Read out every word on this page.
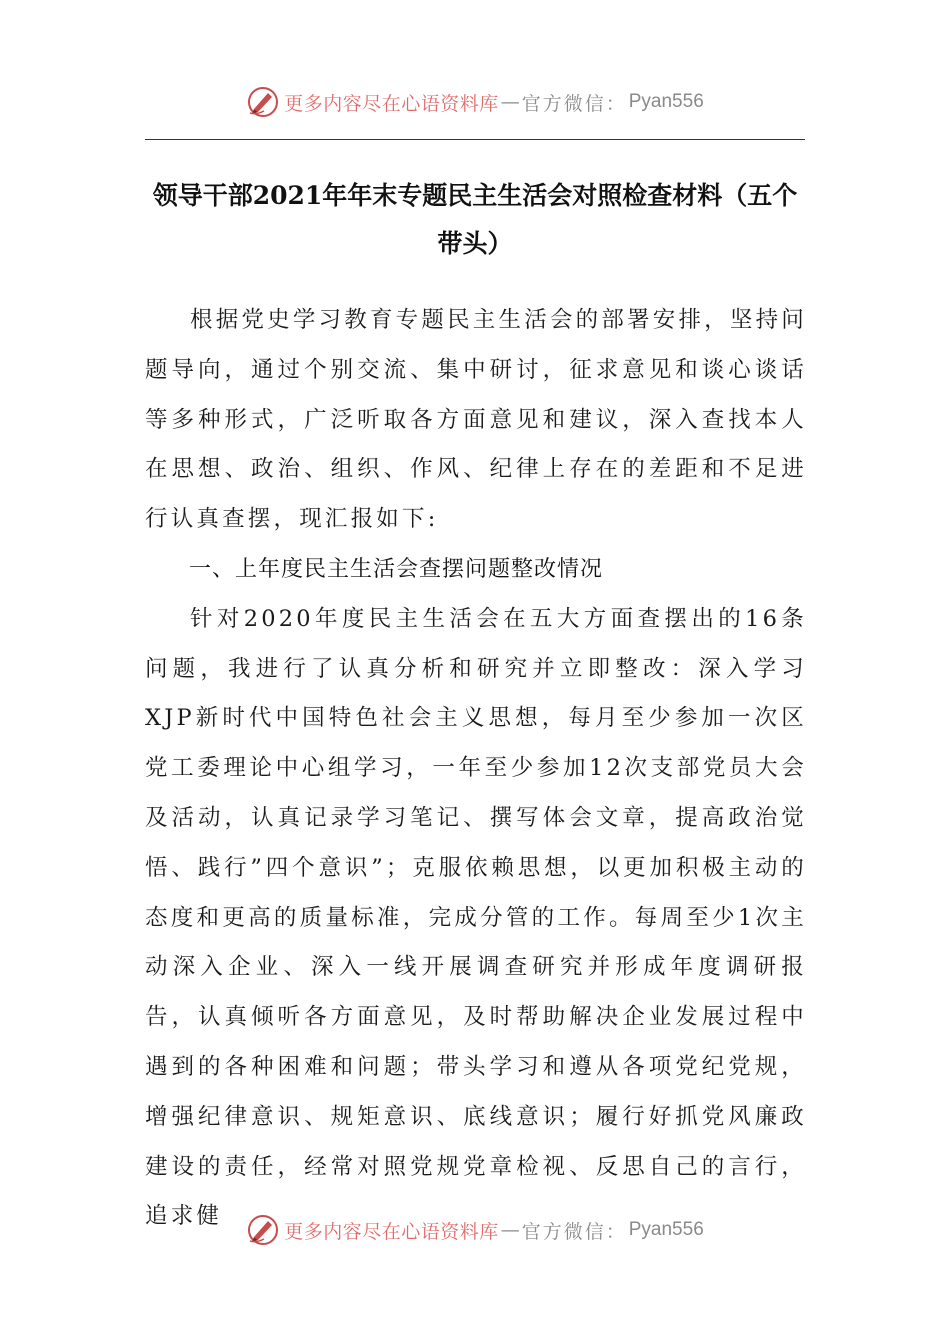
更多内容尽在心语资料库 — 官方微信： Pyan556
领导干部2021年年末专题民主生活会对照检查材料（五个带头）

根据党史学习教育专题民主生活会的部署安排，坚持问题导向，通过个别交流、集中研讨，征求意见和谈心谈话等多种形式，广泛听取各方面意见和建议，深入查找本人在思想、政治、组织、作风、纪律上存在的差距和不足进行认真查摆，现汇报如下:

一、上年度民主生活会查摆问题整改情况

针对2020年度民主生活会在五大方面查摆出的16条问题，我进行了认真分析和研究并立即整改：深入学习XJP新时代中国特色社会主义思想，每月至少参加一次区党工委理论中心组学习，一年至少参加12次支部党员大会及活动，认真记录学习笔记、撰写体会文章，提高政治觉悟、践行”四个意识”；克服依赖思想，以更加积极主动的态度和更高的质量标准，完成分管的工作。每周至少1次主动深入企业、深入一线开展调查研究并形成年度调研报告，认真倾听各方面意见，及时帮助解决企业发展过程中遇到的各种困难和问题；带头学习和遵从各项党纪党规，增强纪律意识、规矩意识、底线意识；履行好抓党风廉政建设的责任，经常对照党规党章检视、反思自己的言行，追求健

更多内容尽在心语资料库 — 官方微信： Pyan556
